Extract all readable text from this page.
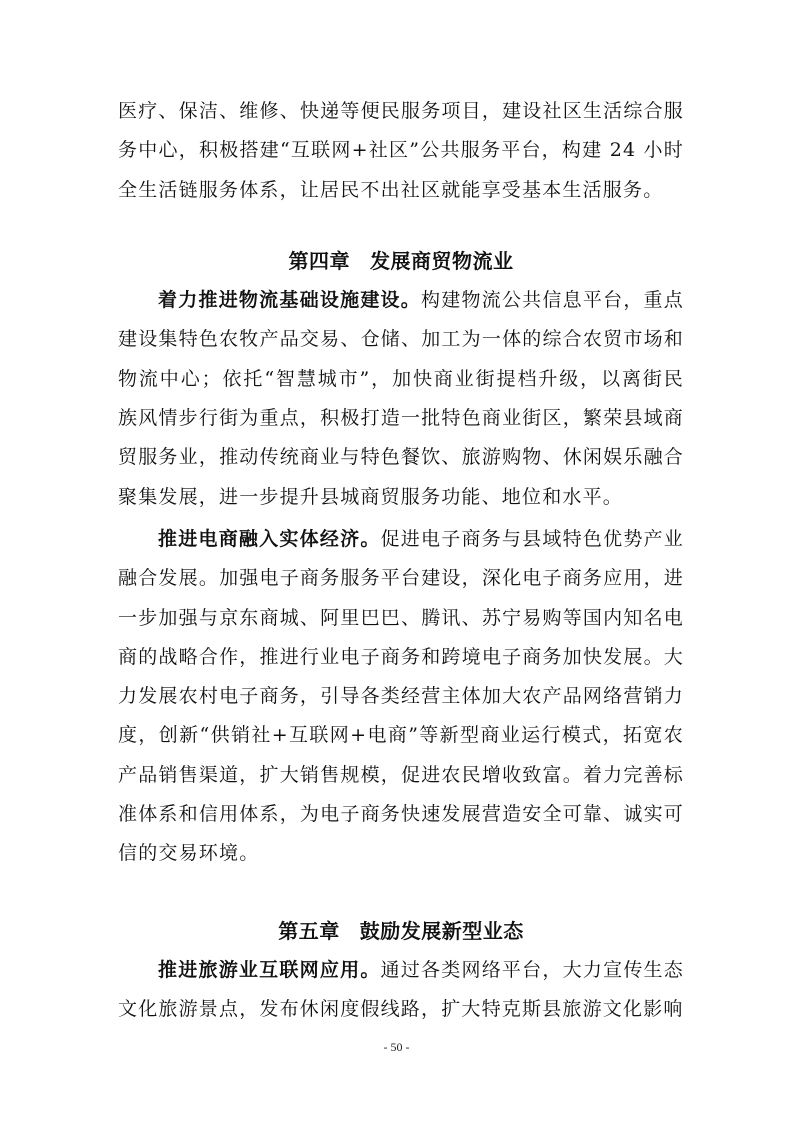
医疗、保洁、维修、快递等便民服务项目，建设社区生活综合服务中心，积极搭建“互联网+社区”公共服务平台，构建 24 小时全生活链服务体系，让居民不出社区就能享受基本生活服务。

第四章 发展商贸物流业

着力推进物流基础设施建设。构建物流公共信息平台，重点建设集特色农牧产品交易、仓储、加工为一体的综合农贸市场和物流中心；依托“智慧城市”，加快商业街提档升级，以离街民族风情步行街为重点，积极打造一批特色商业街区，繁荣县域商贸服务业，推动传统商业与特色餐饮、旅游购物、休闲娱乐融合聚集发展，进一步提升县城商贸服务功能、地位和水平。

推进电商融入实体经济。促进电子商务与县域特色优势产业融合发展。加强电子商务服务平台建设，深化电子商务应用，进一步加强与京东商城、阿里巴巴、腾讯、苏宁易购等国内知名电商的战略合作，推进行业电子商务和跨境电子商务加快发展。大力发展农村电子商务，引导各类经营主体加大农产品网络营销力度，创新“供销社+互联网+电商”等新型商业运行模式，拓宽农产品销售渠道，扩大销售规模，促进农民增收致富。着力完善标准体系和信用体系，为电子商务快速发展营造安全可靠、诚实可信的交易环境。

第五章 鼓励发展新型业态

推进旅游业互联网应用。通过各类网络平台，大力宣传生态文化旅游景点，发布休闲度假线路，扩大特克斯县旅游文化影响

- 50 -
